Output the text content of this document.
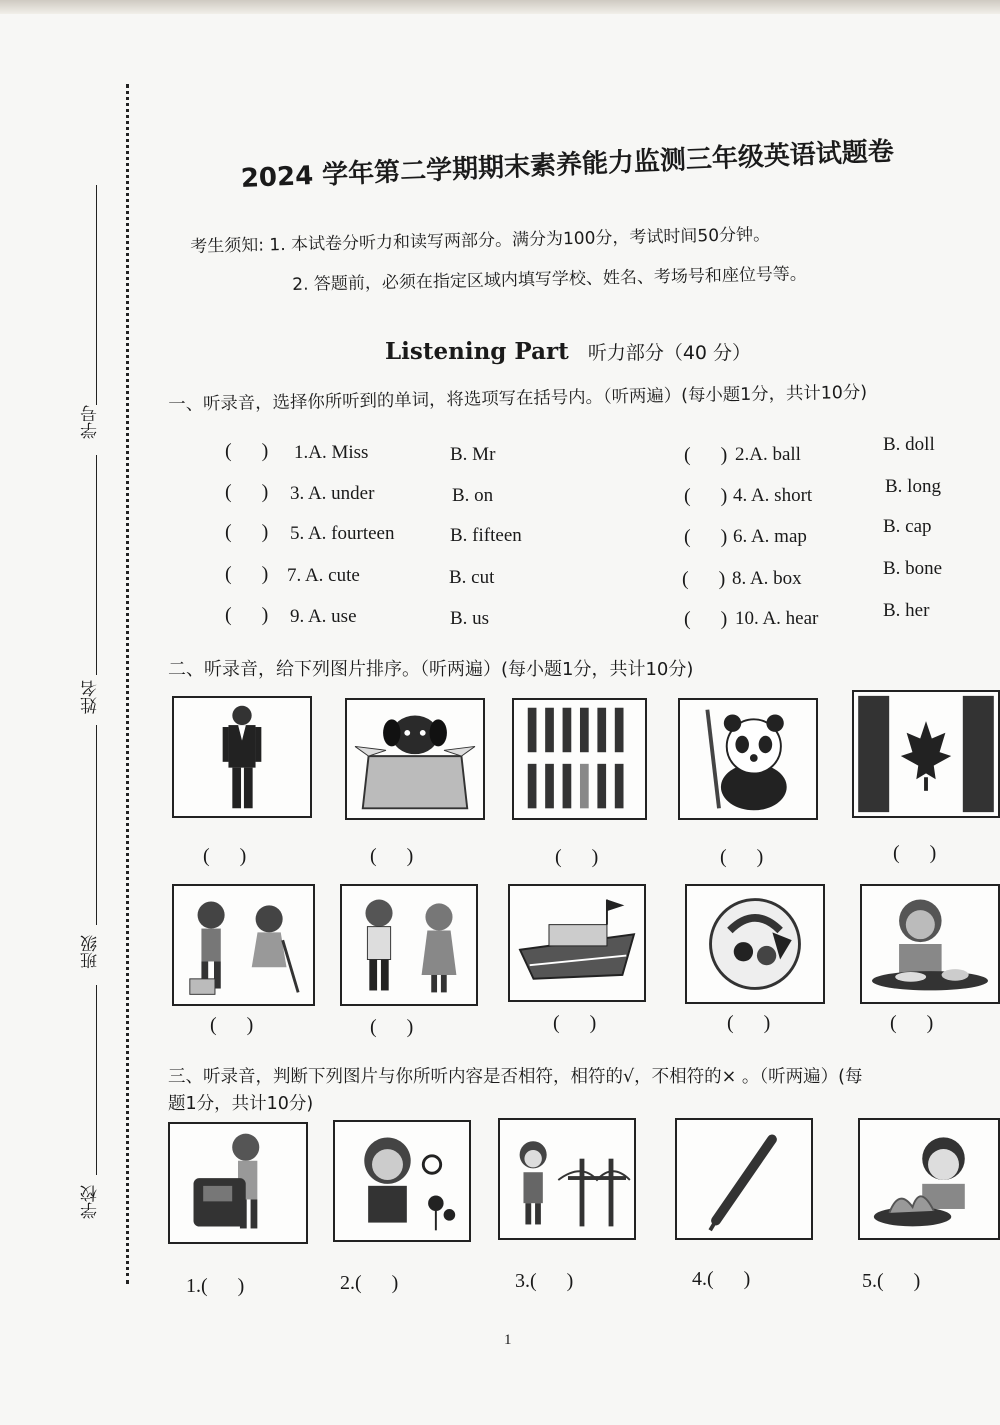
学号
姓名
班级
学校
2024 学年第二学期期末素养能力监测三年级英语试题卷
考生须知: 1. 本试卷分听力和读写两部分。满分为100分，考试时间50分钟。
2. 答题前，必须在指定区域内填写学校、姓名、考场号和座位号等。
Listening Part 听力部分（40 分）
一、听录音，选择你所听到的单词，将选项写在括号内。（听两遍）(每小题1分，共计10分)
(      ) 1.A. Miss	B. Mr	(      ) 2.A. ball	B. doll
(      ) 3. A. under	B. on	(      ) 4. A. short	B. long
(      ) 5. A. fourteen	B. fifteen	(      ) 6. A. map	B. cap
(      ) 7. A. cute	B. cut	(      ) 8. A. box	B. bone
(      ) 9. A. use	B. us	(      ) 10. A. hear	B. her
二、听录音，给下列图片排序。（听两遍）(每小题1分，共计10分)
(      )	(      )	(      )	(      )	(      )
(      )	(      )	(      )	(      )	(      )
三、听录音，判断下列图片与你所听内容是否相符，相符的√，不相符的× 。（听两遍）(每
题1分，共计10分)
1.( )	2.( )	3.( )	4.( )	5.( )
1
